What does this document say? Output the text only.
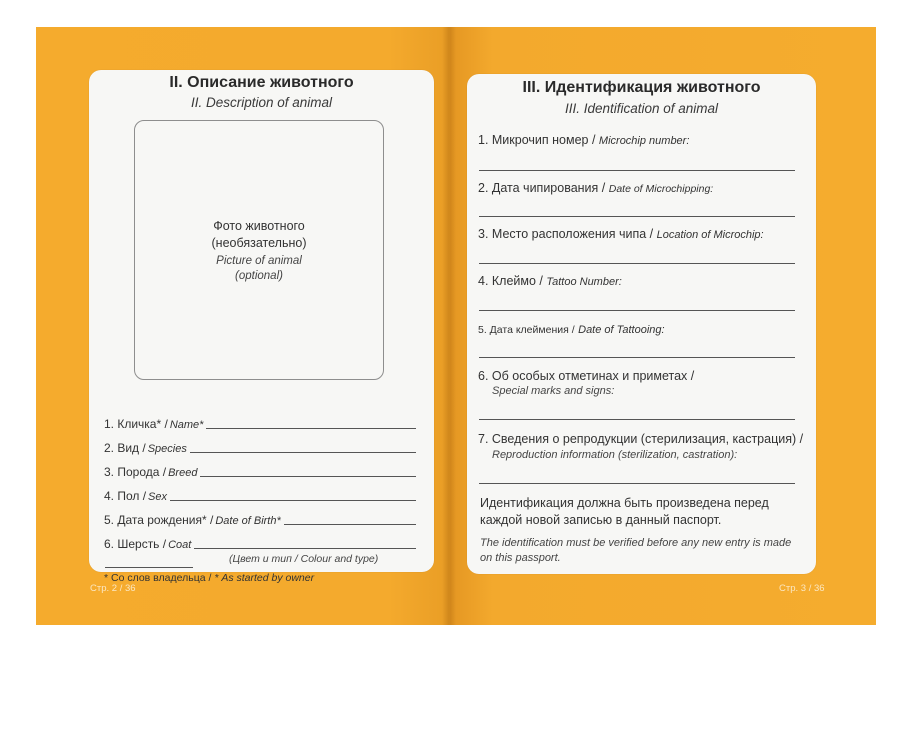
II. Описание животного
II. Description of animal
Фото животного
(необязательно)
Picture of animal
(optional)
1. Кличка* / Name*
2. Вид / Species
3. Порода / Breed
4. Пол / Sex
5. Дата рождения* / Date of Birth*
6. Шерсть / Coat
(Цвет и тип / Colour and type)
* Со слов владельца / * As started by owner
III. Идентификация животного
III. Identification of animal
1. Микрочип номер / Microchip number:
2. Дата чипирования / Date of Microchipping:
3. Место расположения чипа / Location of Microchip:
4. Клеймо / Tattoo Number:
5. Дата клеймения / Date of Tattooing:
6. Об особых отметинах и приметах /
Special marks and signs:
7. Сведения о репродукции (стерилизация, кастрация) /
Reproduction information (sterilization, castration):
Идентификация должна быть произведена перед
каждой новой записью в данный паспорт.
The identification must be verified before any new entry is made
on this passport.
Стр. 2 / 36	Стр. 3 / 36
